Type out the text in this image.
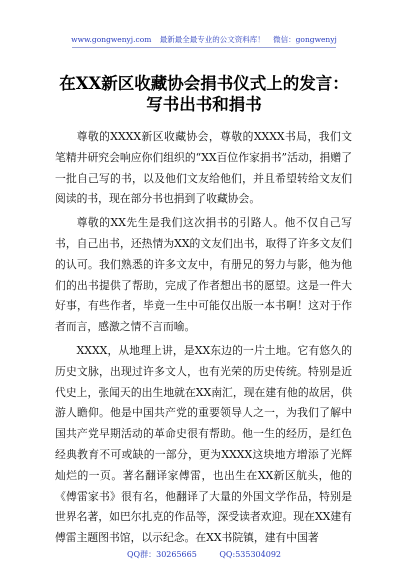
www.gongwenyj.com 最新最全最专业的公文资料库！ 微信：gongwenyj
在XX新区收藏协会捐书仪式上的发言：写书出书和捐书

尊敬的XXXX新区收藏协会，尊敬的XXXX书局，我们文笔精井研究会响应你们组织的“XX百位作家捐书”活动，捐赠了一批自己写的书，以及他们文友给他们，并且希望转给文友们阅读的书，现在部分书也捐到了收藏协会。

尊敬的XX先生是我们这次捐书的引路人。他不仅自己写书，自己出书，还热情为XX的文友们出书，取得了许多文友们的认可。我们熟悉的许多文友中，有册兄的努力与影，他为他们的出书提供了帮助，完成了作者想出书的愿望。这是一件大好事，有些作者，毕竟一生中可能仅出版一本书啊！这对于作者而言，感激之情不言而喻。

XXXX，从地理上讲，是XX东边的一片土地。它有悠久的历史文脉，出现过许多文人，也有光荣的历史传统。特别是近代史上，张闻天的出生地就在XX南汇，现在建有他的故居，供游人瞻仰。他是中国共产党的重要领导人之一，为我们了解中国共产党早期活动的革命史很有帮助。他一生的经历，是红色经典教育不可或缺的一部分，更为XXXX这块地方增添了光辉灿烂的一页。著名翻译家傅雷，也出生在XX新区航头，他的《傅雷家书》很有名，他翻译了大量的外国文学作品，特别是世界名著，如巴尔扎克的作品等，深受读者欢迎。现在XX建有傅雷主题图书馆，以示纪念。在XX书院镇，建有中国著

QQ群：30265665	QQ:535304092
